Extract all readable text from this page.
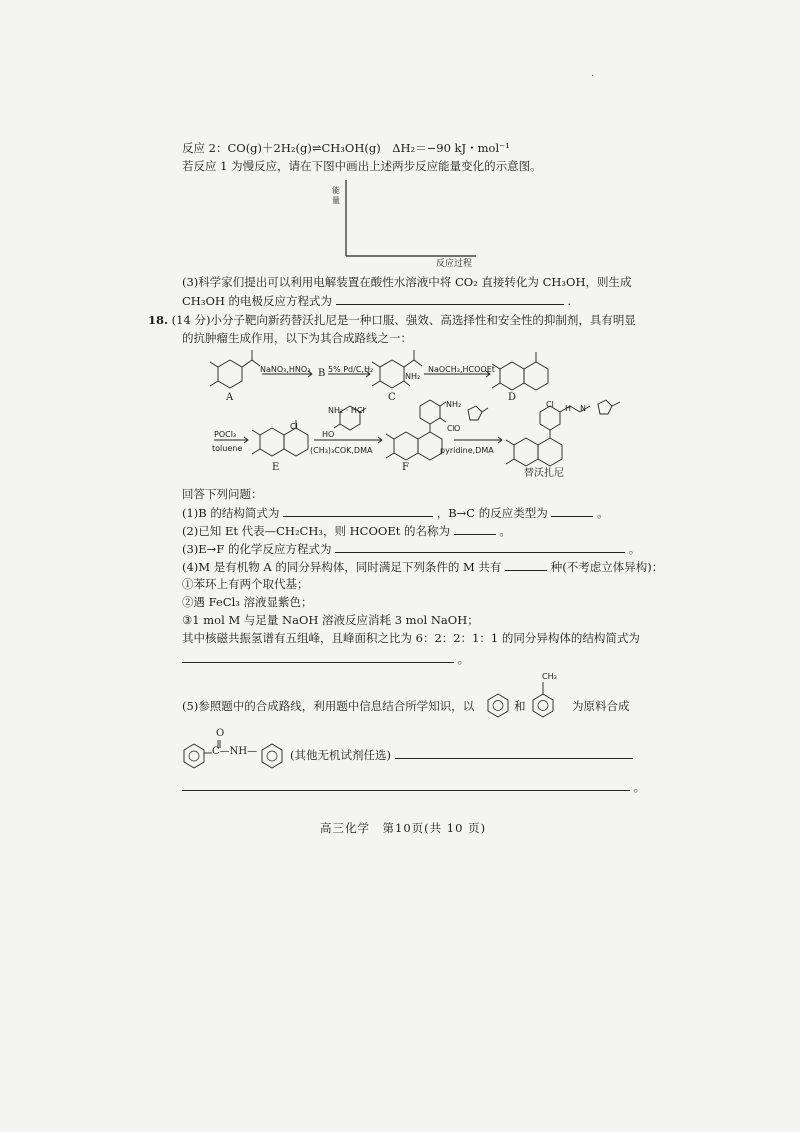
.
反应 2：CO(g)＋2H₂(g)⇌CH₃OH(g)　ΔH₂＝−90 kJ・mol⁻¹
若反应 1 为慢反应，请在下图中画出上述两步反应能量变化的示意图。
能量
反应过程
(3)科学家们提出可以利用电解装置在酸性水溶液中将 CO₂ 直接转化为 CH₃OH，则生成
CH₃OH 的电极反应方程式为	.
18. (14 分)小分子靶向新药替沃扎尼是一种口服、强效、高选择性和安全性的抑制剂，具有明显
的抗肿瘤生成作用，以下为其合成路线之一：
A
NaNO₃,HNO₃ B 5% Pd/C,H₂
C
NH₂
NaOCH₃,HCOOEt
D
POCl₃
toluene
Cl
E
NH₂ · HCl
HO
(CH₃)₃COK,DMA
NH₂
Cl
F
O
pyridine,DMA
Cl H N
替沃扎尼
回答下列问题：
(1)B 的结构简式为	，B→C 的反应类型为	。
(2)已知 Et 代表—CH₂CH₃，则 HCOOEt 的名称为	。
(3)E→F 的化学反应方程式为	。
(4)M 是有机物 A 的同分异构体，同时满足下列条件的 M 共有	种(不考虑立体异构)：
①苯环上有两个取代基；
②遇 FeCl₃ 溶液显紫色；
③1 mol M 与足量 NaOH 溶液反应消耗 3 mol NaOH；
其中核磁共振氢谱有五组峰，且峰面积之比为 6：2：2：1：1 的同分异构体的结构简式为
。
(5)参照题中的合成路线，利用题中信息结合所学知识，以	和
CH₃
为原料合成
O
C—NH—	(其他无机试剂任选)
。
高三化学　第10页(共 10 页)
